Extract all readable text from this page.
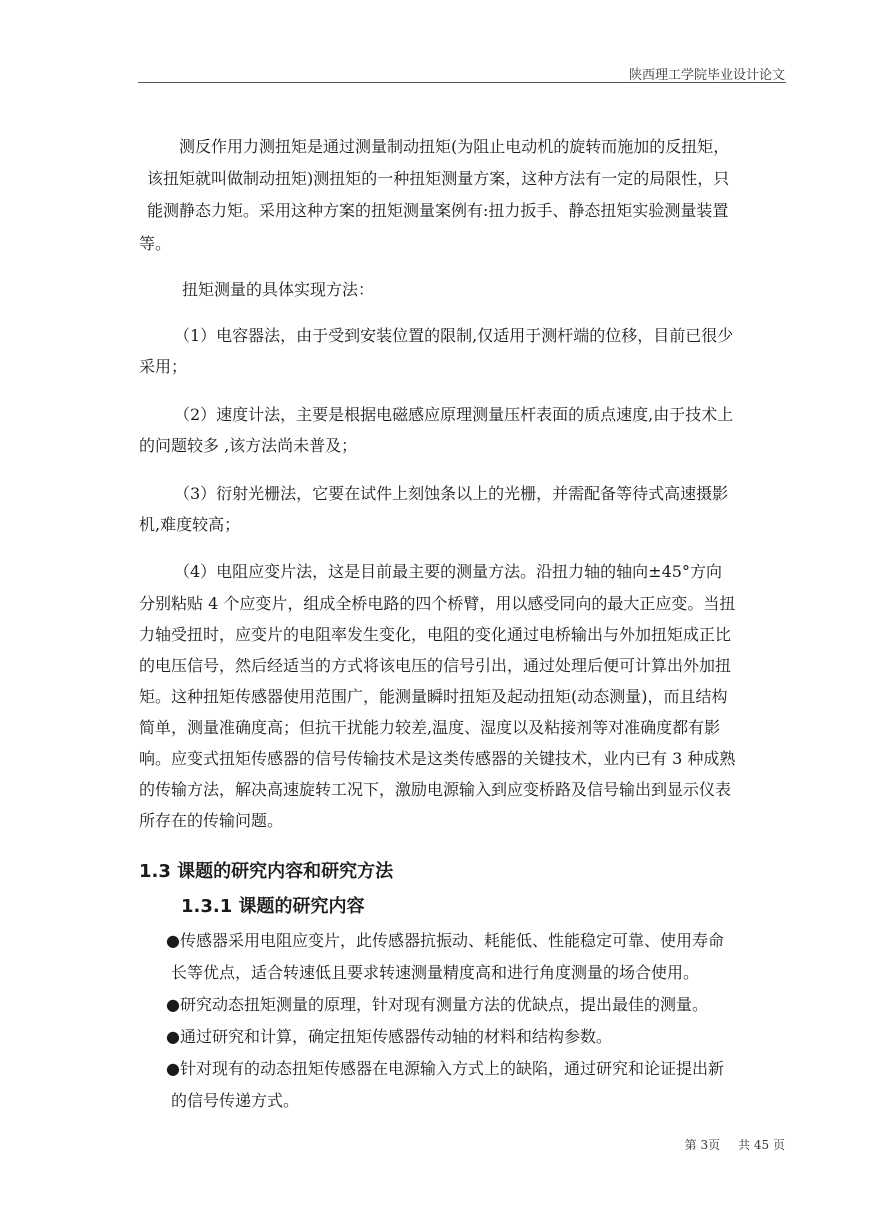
陕西理工学院毕业设计论文
测反作用力测扭矩是通过测量制动扭矩(为阻止电动机的旋转而施加的反扭矩，
该扭矩就叫做制动扭矩)测扭矩的一种扭矩测量方案，这种方法有一定的局限性，只
能测静态力矩。采用这种方案的扭矩测量案例有:扭力扳手、静态扭矩实验测量装置
等。
扭矩测量的具体实现方法：
（1）电容器法，由于受到安装位置的限制,仅适用于测杆端的位移，目前已很少
采用；
（2）速度计法，主要是根据电磁感应原理测量压杆表面的质点速度,由于技术上
的问题较多 ,该方法尚未普及；
（3）衍射光栅法，它要在试件上刻蚀条以上的光栅，并需配备等待式高速摄影
机,难度较高；
（4）电阻应变片法，这是目前最主要的测量方法。沿扭力轴的轴向±45°方向
分别粘贴 4 个应变片，组成全桥电路的四个桥臂，用以感受同向的最大正应变。当扭
力轴受扭时，应变片的电阻率发生变化，电阻的变化通过电桥输出与外加扭矩成正比
的电压信号，然后经适当的方式将该电压的信号引出，通过处理后便可计算出外加扭
矩。这种扭矩传感器使用范围广，能测量瞬时扭矩及起动扭矩(动态测量)，而且结构
简单，测量准确度高；但抗干扰能力较差,温度、湿度以及粘接剂等对准确度都有影
响。应变式扭矩传感器的信号传输技术是这类传感器的关键技术，业内已有 3 种成熟
的传输方法，解决高速旋转工况下，激励电源输入到应变桥路及信号输出到显示仪表
所存在的传输问题。
1.3 课题的研究内容和研究方法
1.3.1 课题的研究内容
●传感器采用电阻应变片，此传感器抗振动、耗能低、性能稳定可靠、使用寿命
长等优点，适合转速低且要求转速测量精度高和进行角度测量的场合使用。
●研究动态扭矩测量的原理，针对现有测量方法的优缺点，提出最佳的测量。
●通过研究和计算，确定扭矩传感器传动轴的材料和结构参数。
●针对现有的动态扭矩传感器在电源输入方式上的缺陷，通过研究和论证提出新
的信号传递方式。
第 3页 共 45 页
